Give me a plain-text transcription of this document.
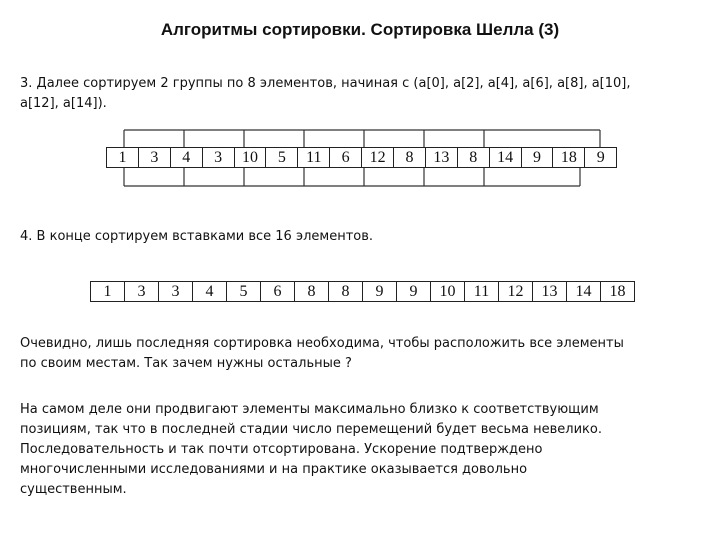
Алгоритмы сортировки. Сортировка Шелла (3)
3. Далее сортируем 2 группы по 8 элементов, начиная с (a[0], a[2], a[4], a[6], a[8], a[10],
a[12], a[14]).
1	3	4	3	10	5	11	6	12	8	13	8	14	9	18	9
4. В конце сортируем вставками все 16 элементов.
1	3	3	4	5	6	8	8	9	9	10	11	12	13	14	18
Очевидно, лишь последняя сортировка необходима, чтобы расположить все элементы
по своим местам. Так зачем нужны остальные ?
На самом деле они продвигают элементы максимально близко к соответствующим
позициям, так что в последней стадии число перемещений будет весьма невелико.
Последовательность и так почти отсортирована. Ускорение подтверждено
многочисленными исследованиями и на практике оказывается довольно
существенным.
